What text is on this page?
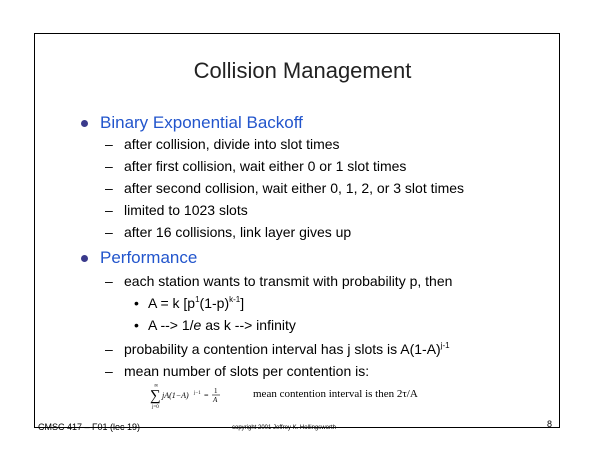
Collision Management
Binary Exponential Backoff
– after collision, divide into slot times
– after first collision, wait either 0 or 1 slot times
– after second collision, wait either 0, 1, 2, or 3 slot times
– limited to 1023 slots
– after 16 collisions, link layer gives up
Performance
– each station wants to transmit with probability p, then
• A = k $[p^1(1-p)^{k-1}]$
• A --> 1/e as k --> infinity
– probability a contention interval has j slots is $A(1-A)^{j-1}$
– mean number of slots per contention is:
∞
∑
j=0
jA(1−A) j−1 = 1
A	mean contention interval is then 2τ/A
CMSC 417 – F01 (lec 19)	copyright 2001 Jeffrey K. Hollingsworth	8
